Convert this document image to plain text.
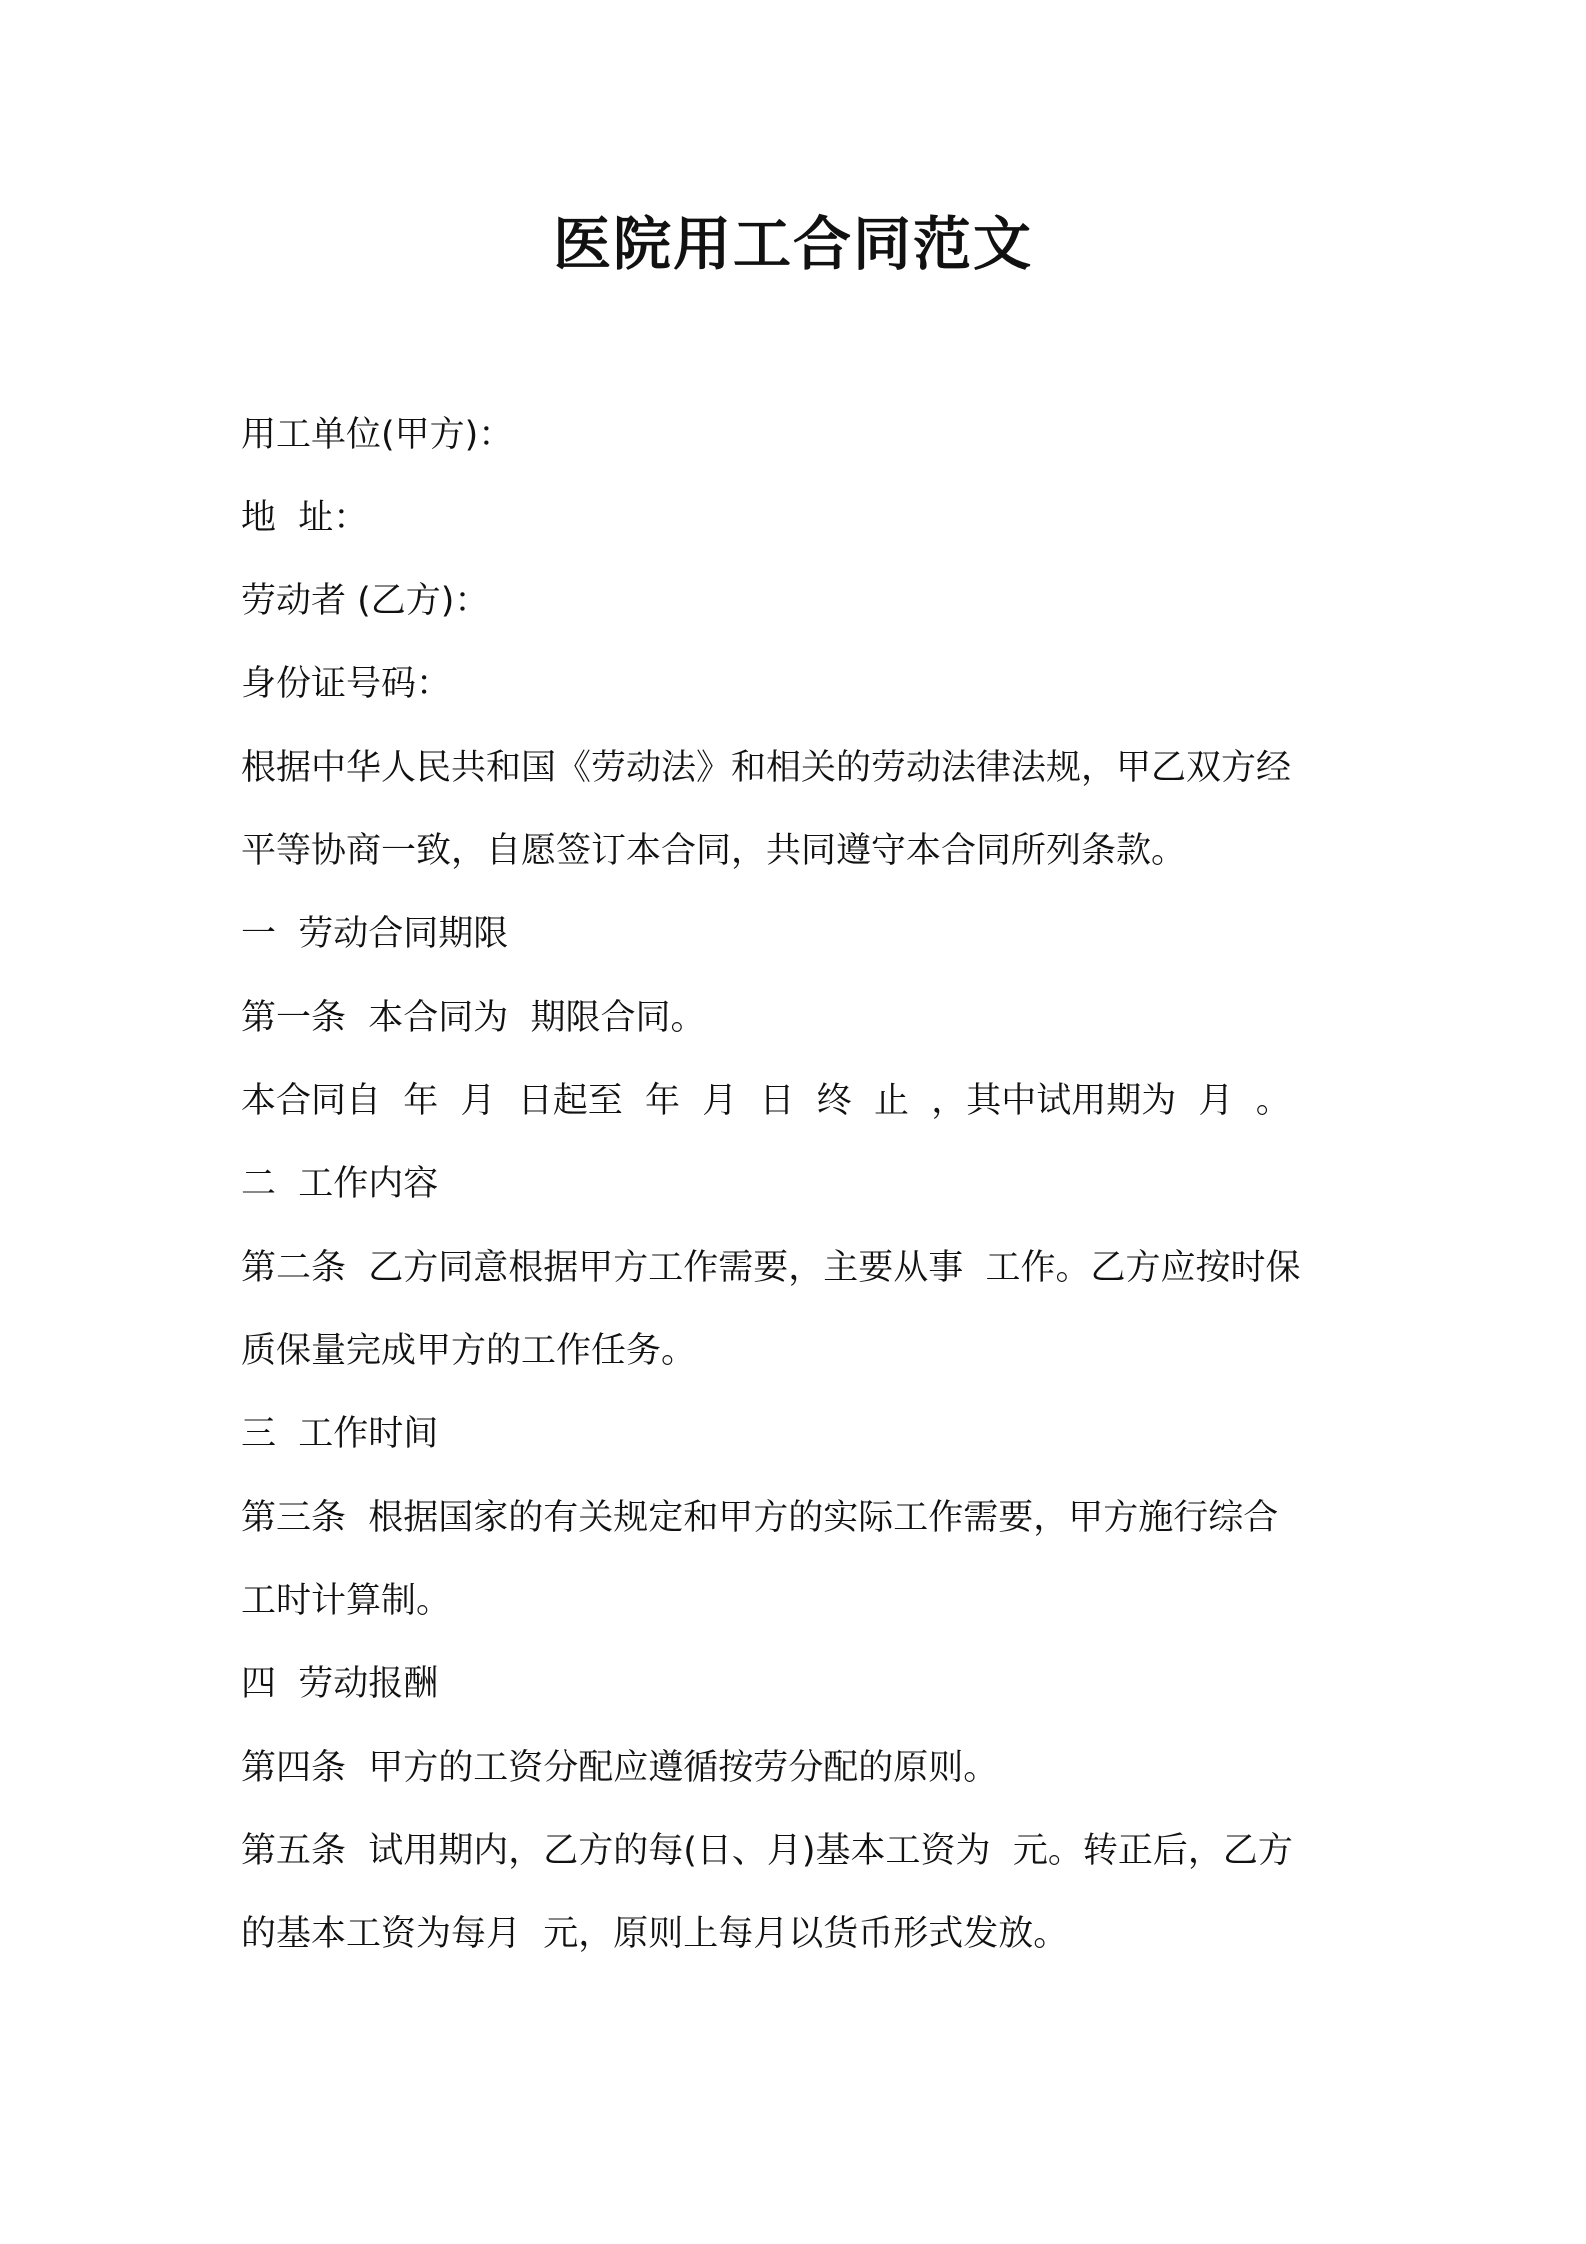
医院用工合同范文

用工单位(甲方)：

地  址：

劳动者 (乙方)：

身份证号码：

根据中华人民共和国《劳动法》和相关的劳动法律法规，甲乙双方经

平等协商一致，自愿签订本合同，共同遵守本合同所列条款。

一  劳动合同期限

第一条  本合同为  期限合同。

本合同自  年  月  日起至  年  月  日  终  止  ，其中试用期为  月  。

二  工作内容

第二条  乙方同意根据甲方工作需要，主要从事  工作。乙方应按时保

质保量完成甲方的工作任务。

三  工作时间

第三条  根据国家的有关规定和甲方的实际工作需要，甲方施行综合

工时计算制。

四  劳动报酬

第四条  甲方的工资分配应遵循按劳分配的原则。

第五条  试用期内，乙方的每(日、月)基本工资为  元。转正后，乙方

的基本工资为每月  元，原则上每月以货币形式发放。
